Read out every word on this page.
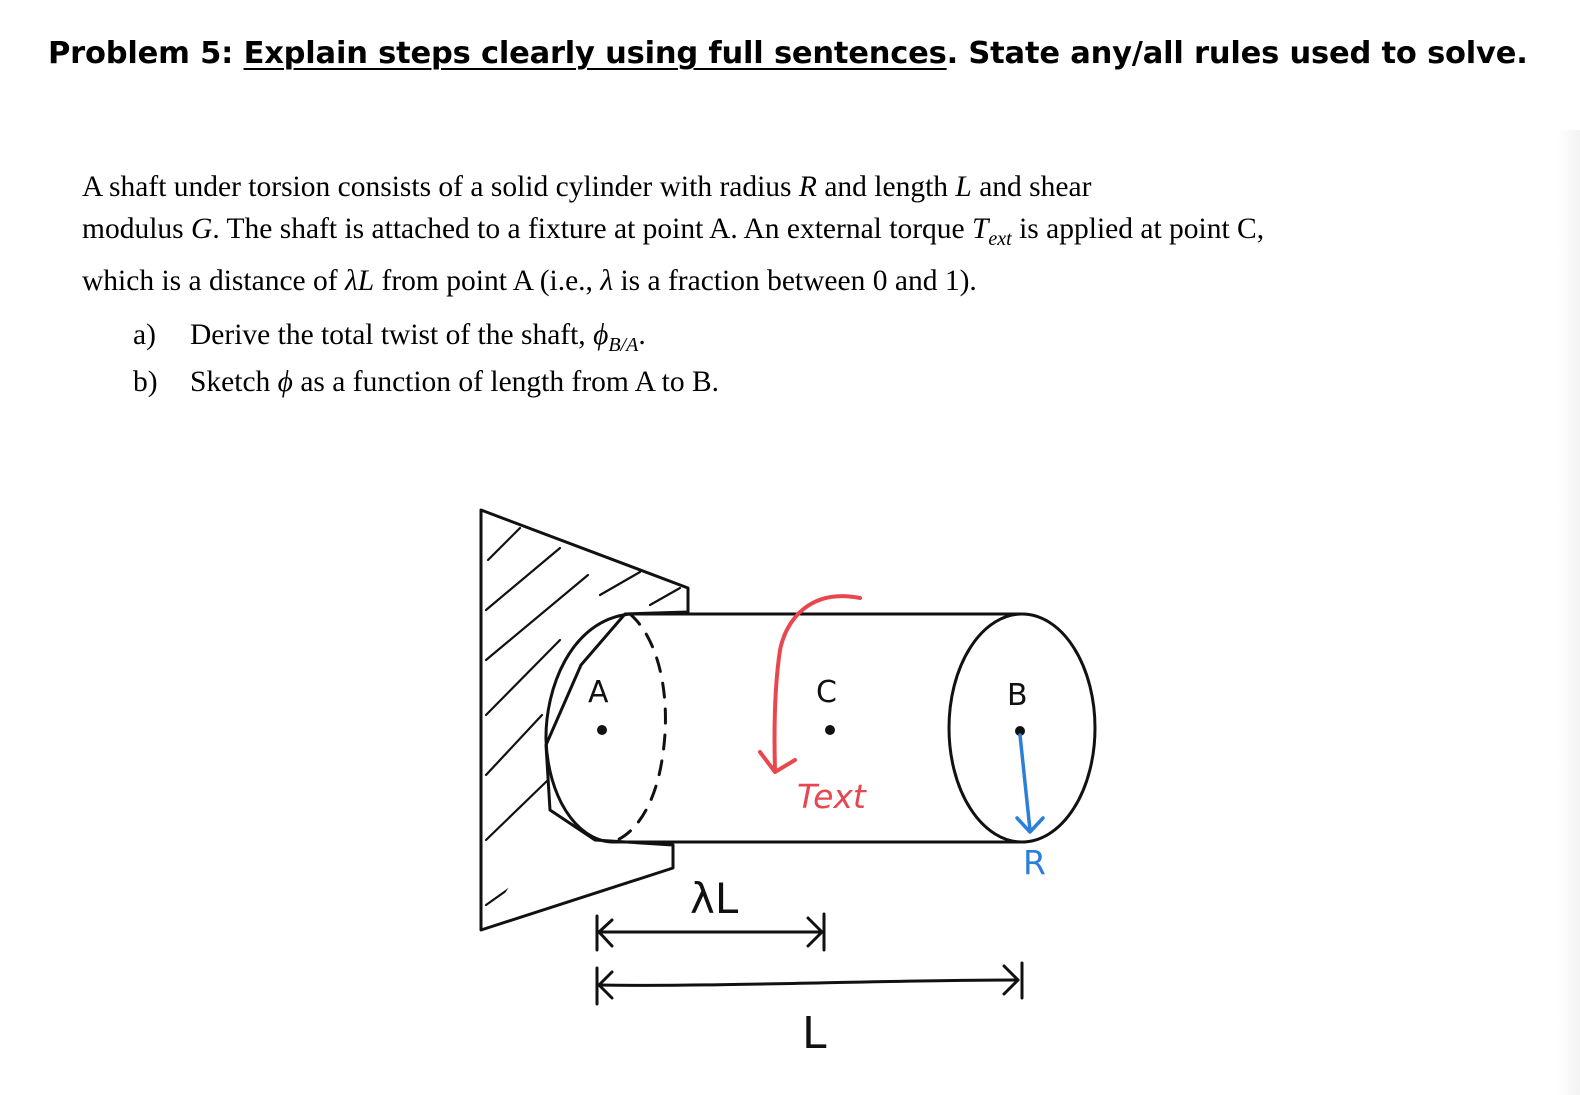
Problem 5: Explain steps clearly using full sentences. State any/all rules used to solve.
A shaft under torsion consists of a solid cylinder with radius R and length L and shear
modulus G. The shaft is attached to a fixture at point A. An external torque $T_{ext}$ is applied at point C,
which is a distance of λL from point A (i.e., λ is a fraction between 0 and 1).
a) Derive the total twist of the shaft, $\phi_{B/A}$.
b) Sketch ϕ as a function of length from A to B.
A	C	B
Text
R
λL
L
